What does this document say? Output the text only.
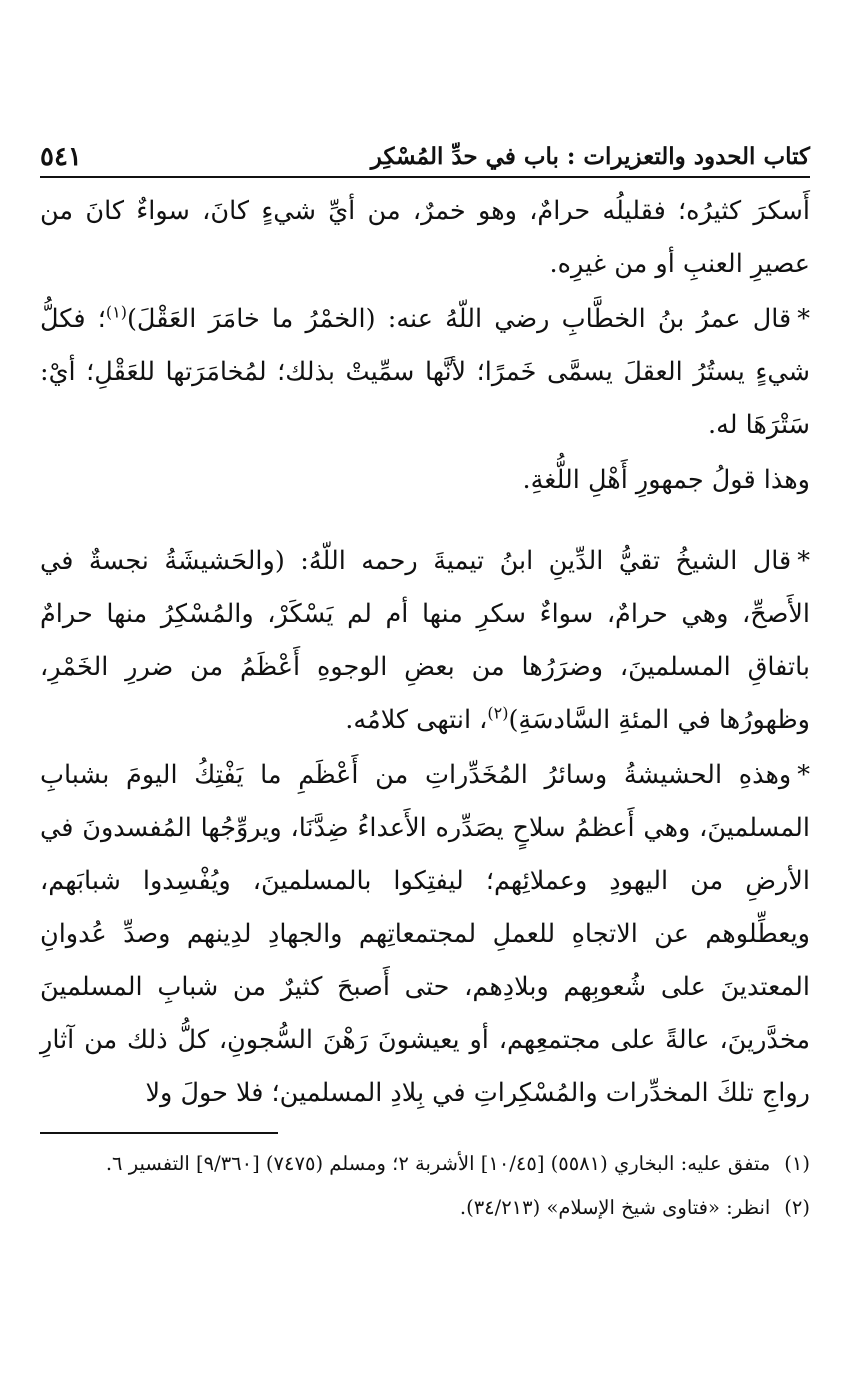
كتاب الحدود والتعزيرات : باب في حدِّ المُسْكِر
٥٤١

أَسكرَ كثيرُه؛ فقليلُه حرامٌ، وهو خمرٌ، من أيِّ شيءٍ كانَ، سواءٌ كانَ من عصيرِ العنبِ أو من غيرِه.

*قال عمرُ بنُ الخطَّابِ رضي اللّهُ عنه: (الخمْرُ ما خامَرَ العَقْلَ)$^{(١)}$؛ فكلُّ شيءٍ يستُرُ العقلَ يسمَّى خَمرًا؛ لأنَّها سمِّيتْ بذلك؛ لمُخامَرَتها للعَقْلِ؛ أيْ: سَتْرَهَا له.

وهذا قولُ جمهورِ أَهْلِ اللُّغةِ.

*قال الشيخُ تقيُّ الدِّينِ ابنُ تيميةَ رحمه اللّهُ: (والحَشيشَةُ نجسةٌ في الأَصحِّ، وهي حرامٌ، سواءٌ سكرِ منها أم لم يَسْكَرْ، والمُسْكِرُ منها حرامٌ باتفاقِ المسلمينَ، وضرَرُها من بعضِ الوجوهِ أَعْظَمُ من ضررِ الخَمْرِ، وظهورُها في المئةِ السَّادسَةِ)$^{(٢)}$، انتهى كلامُه.

*وهذهِ الحشيشةُ وسائرُ المُخَدِّراتِ من أَعْظَمِ ما يَفْتِكُ اليومَ بشبابِ المسلمينَ، وهي أَعظمُ سلاحٍ يصَدِّره الأَعداءُ ضِدَّنَا، ويروِّجُها المُفسدونَ في الأرضِ من اليهودِ وعملائِهم؛ ليفتِكوا بالمسلمينَ، ويُفْسِدوا شبابَهم، ويعطِّلوهم عن الاتجاهِ للعملِ لمجتمعاتِهم والجهادِ لدِينهم وصدِّ عُدوانِ المعتدينَ على شُعوبِهم وبلادِهم، حتى أَصبحَ كثيرٌ من شبابِ المسلمينَ مخدَّرينَ، عالةً على مجتمعِهم، أو يعيشونَ رَهْنَ السُّجونِ، كلُّ ذلك من آثارِ رواجِ تلكَ المخدِّرات والمُسْكِراتِ في بِلادِ المسلمين؛ فلا حولَ ولا

(١)
متفق عليه: البخاري (٥٥٨١) [١٠/٤٥] الأشربة ٢؛ ومسلم (٧٤٧٥) [٩/٣٦٠] التفسير ٦.
(٢)
انظر: «فتاوى شيخ الإسلام» (٣٤/٢١٣).
